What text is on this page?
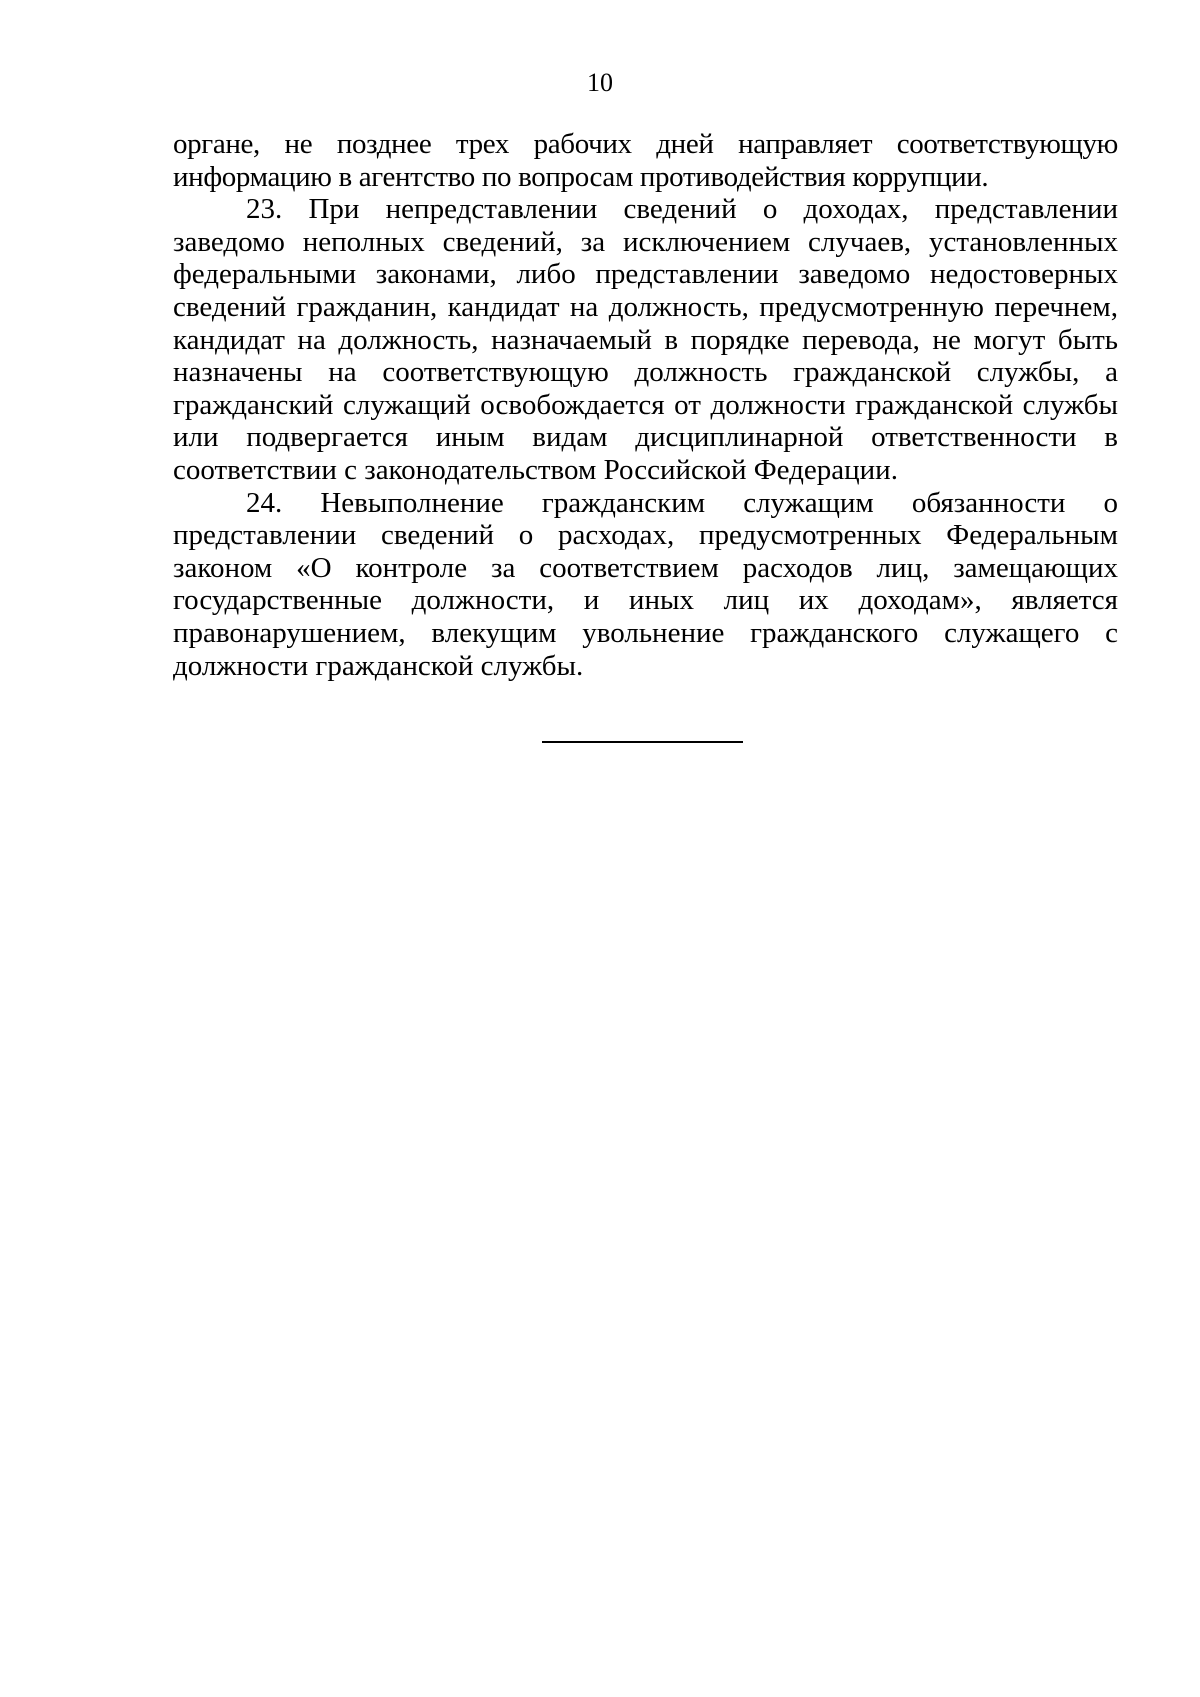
10

органе, не позднее трех рабочих дней направляет соответствующую информацию в агентство по вопросам противодействия коррупции.

23. При непредставлении сведений о доходах, представлении заведомо неполных сведений, за исключением случаев, установленных федеральными законами, либо представлении заведомо недостоверных сведений гражданин, кандидат на должность, предусмотренную перечнем, кандидат на должность, назначаемый в порядке перевода, не могут быть назначены на соответствующую должность гражданской службы, а гражданский служащий освобождается от должности гражданской службы или подвергается иным видам дисциплинарной ответственности в соответствии с законодательством Российской Федерации.

24. Невыполнение гражданским служащим обязанности о представлении сведений о расходах, предусмотренных Федеральным законом «О контроле за соответствием расходов лиц, замещающих государственные должности, и иных лиц их доходам», является правонарушением, влекущим увольнение гражданского служащего с должности гражданской службы.
